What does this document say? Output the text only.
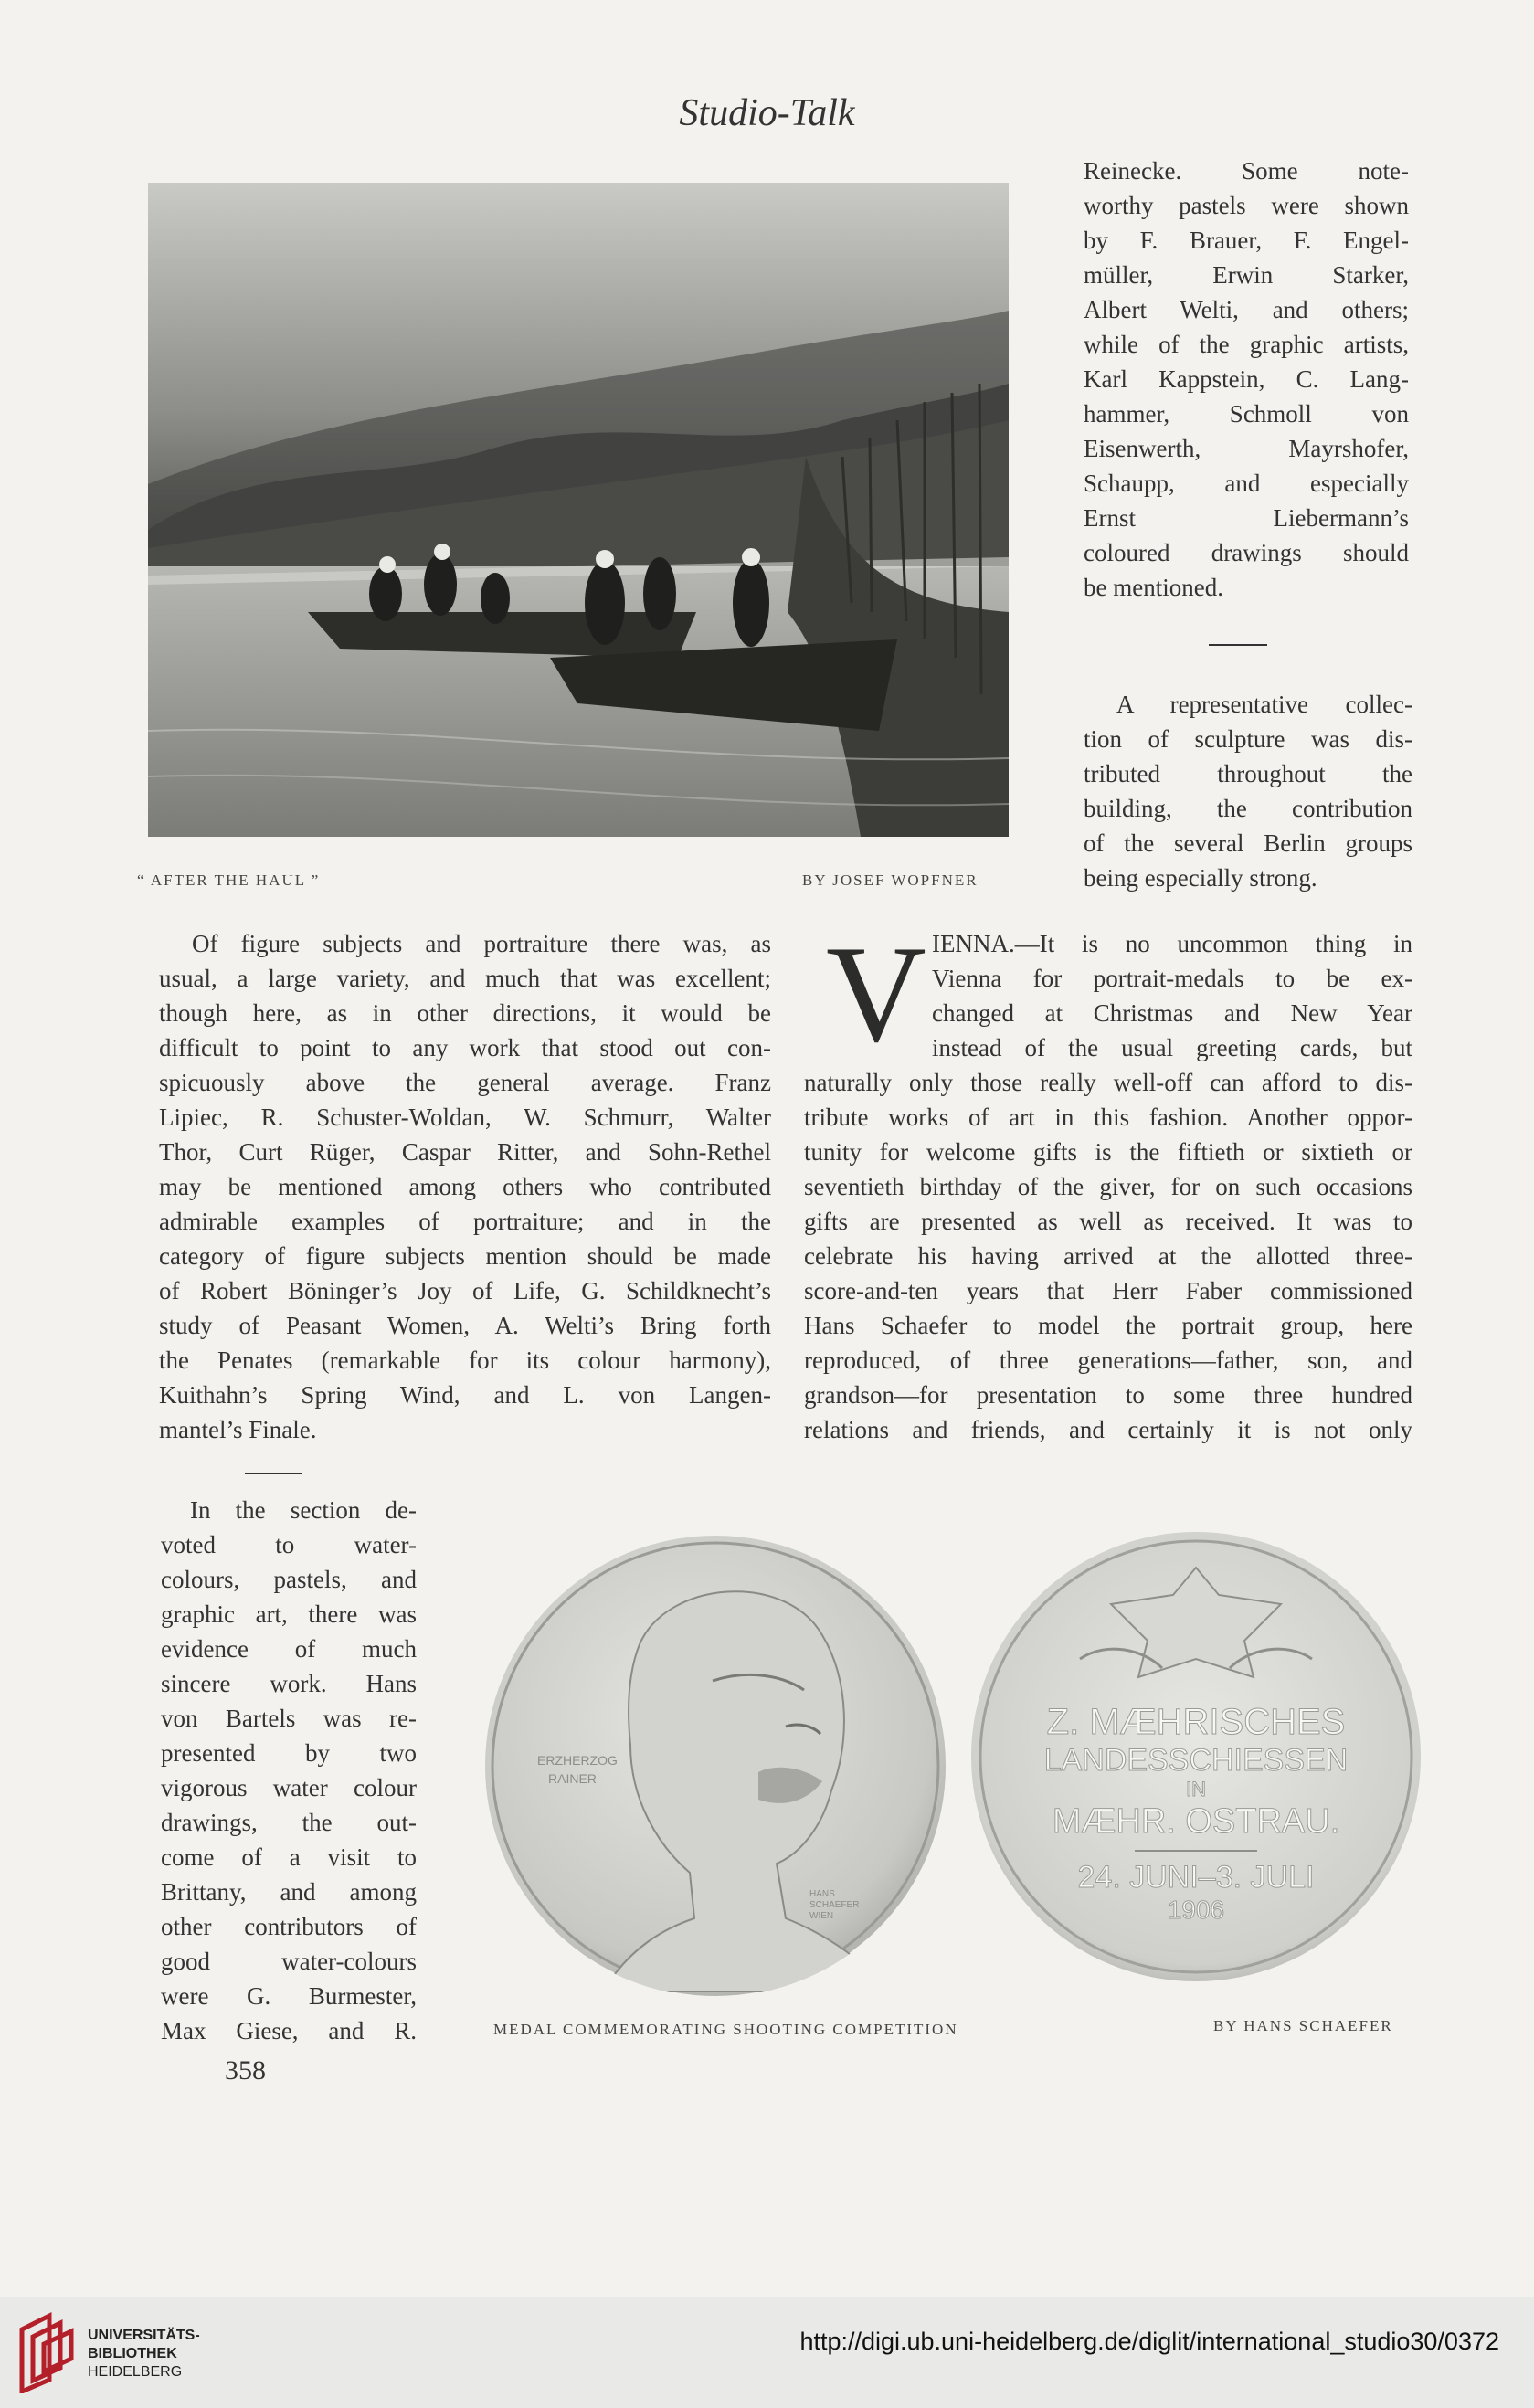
Studio-Talk
“ AFTER THE HAUL ”	BY JOSEF WOPFNER
Reinecke. Some note-
worthy pastels were shown
by F. Brauer, F. Engel-
müller, Erwin Starker,
Albert Welti, and others;
while of the graphic artists,
Karl Kappstein, C. Lang-
hammer, Schmoll von
Eisenwerth, Mayrshofer,
Schaupp, and especially
Ernst Liebermann’s
coloured drawings should
be mentioned.
A representative collec-
tion of sculpture was dis-
tributed throughout the
building, the contribution
of the several Berlin groups
being especially strong.
Of figure subjects and portraiture there was, as
usual, a large variety, and much that was excellent;
though here, as in other directions, it would be
difficult to point to any work that stood out con-
spicuously above the general average. Franz
Lipiec, R. Schuster-Woldan, W. Schmurr, Walter
Thor, Curt Rüger, Caspar Ritter, and Sohn-Rethel
may be mentioned among others who contributed
admirable examples of portraiture; and in the
category of figure subjects mention should be made
of Robert Böninger’s Joy of Life, G. Schildknecht’s
study of Peasant Women, A. Welti’s Bring forth
the Penates (remarkable for its colour harmony),
Kuithahn’s Spring Wind, and L. von Langen-
mantel’s Finale.
In the section de-
voted to water-
colours, pastels, and
graphic art, there was
evidence of much
sincere work. Hans
von Bartels was re-
presented by two
vigorous water colour
drawings, the out-
come of a visit to
Brittany, and among
other contributors of
good water-colours
were G. Burmester,
Max Giese, and R.
V IENNA.—It is no uncommon thing in
Vienna for portrait-medals to be ex-
changed at Christmas and New Year
instead of the usual greeting cards, but
naturally only those really well-off can afford to dis-
tribute works of art in this fashion. Another oppor-
tunity for welcome gifts is the fiftieth or sixtieth or
seventieth birthday of the giver, for on such occasions
gifts are presented as well as received. It was to
celebrate his having arrived at the allotted three-
score-and-ten years that Herr Faber commissioned
Hans Schaefer to model the portrait group, here
reproduced, of three generations—father, son, and
grandson—for presentation to some three hundred
relations and friends, and certainly it is not only
ERZHERZOG
RAINER
HANS
SCHAEFER
WIEN
Z. MÆHRISCHES
LANDESSCHIESSEN
IN
MÆHR. OSTRAU.
24. JUNI–3. JULI
1906
MEDAL COMMEMORATING SHOOTING COMPETITION	BY HANS SCHAEFER
358
UNIVERSITÄTS-
BIBLIOTHEK
HEIDELBERG
http://digi.ub.uni-heidelberg.de/diglit/international_studio30/0372
